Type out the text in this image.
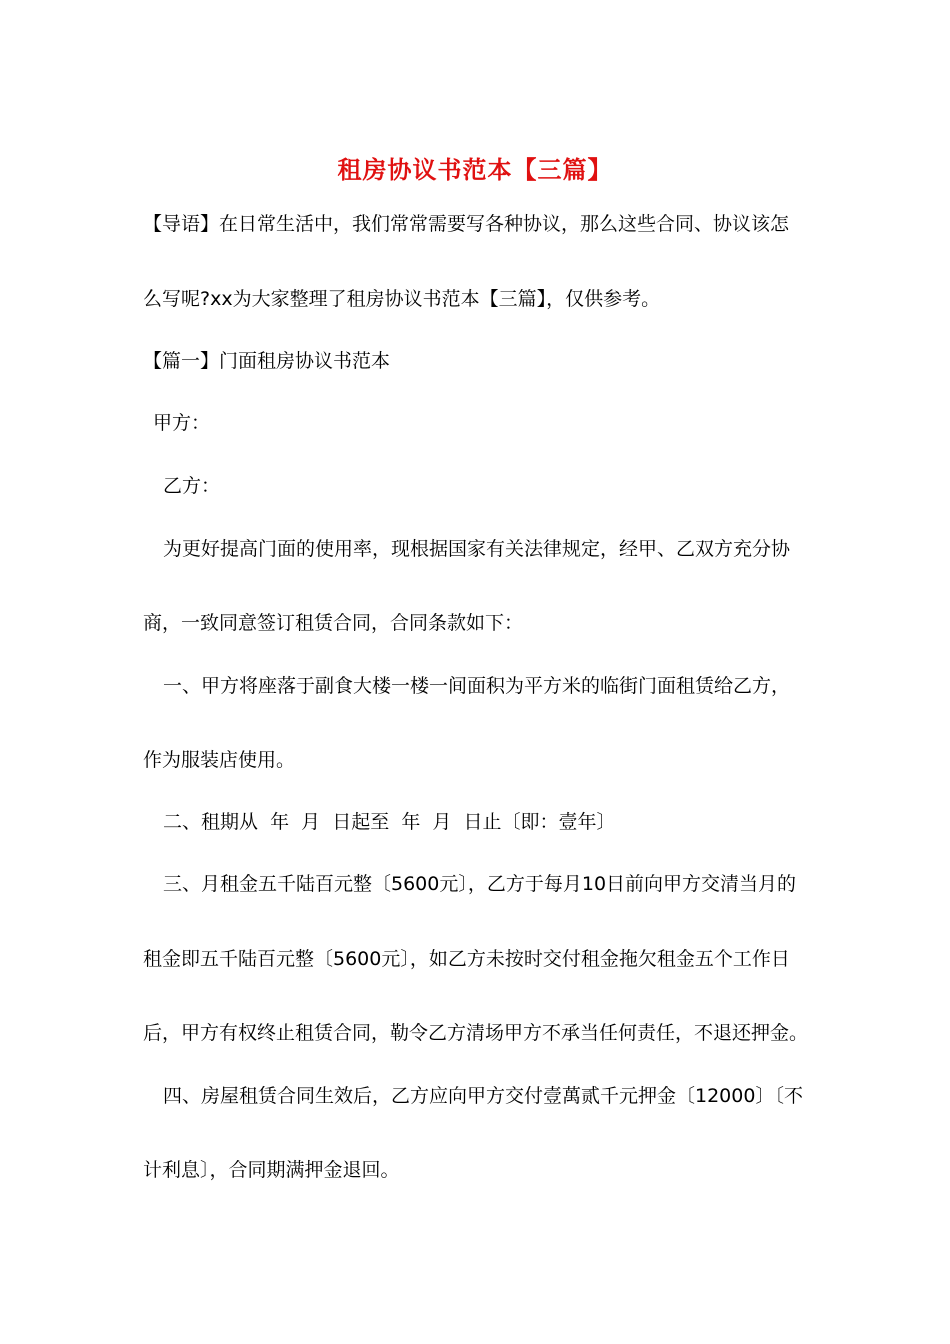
租房协议书范本【三篇】
【导语】在日常生活中，我们常常需要写各种协议，那么这些合同、协议该怎
么写呢?xx为大家整理了租房协议书范本【三篇】，仅供参考。
【篇一】门面租房协议书范本
甲方：
乙方：
为更好提高门面的使用率，现根据国家有关法律规定，经甲、乙双方充分协
商，一致同意签订租赁合同，合同条款如下：
一、甲方将座落于副食大楼一楼一间面积为平方米的临街门面租赁给乙方，
作为服装店使用。
二、租期从  年  月  日起至  年  月  日止〔即：壹年〕
三、月租金五千陆百元整〔5600元〕，乙方于每月10日前向甲方交清当月的
租金即五千陆百元整〔5600元〕，如乙方未按时交付租金拖欠租金五个工作日
后，甲方有权终止租赁合同，勒令乙方清场甲方不承当任何责任，不退还押金。
四、房屋租赁合同生效后，乙方应向甲方交付壹萬贰千元押金〔12000〕〔不
计利息〕，合同期满押金退回。
